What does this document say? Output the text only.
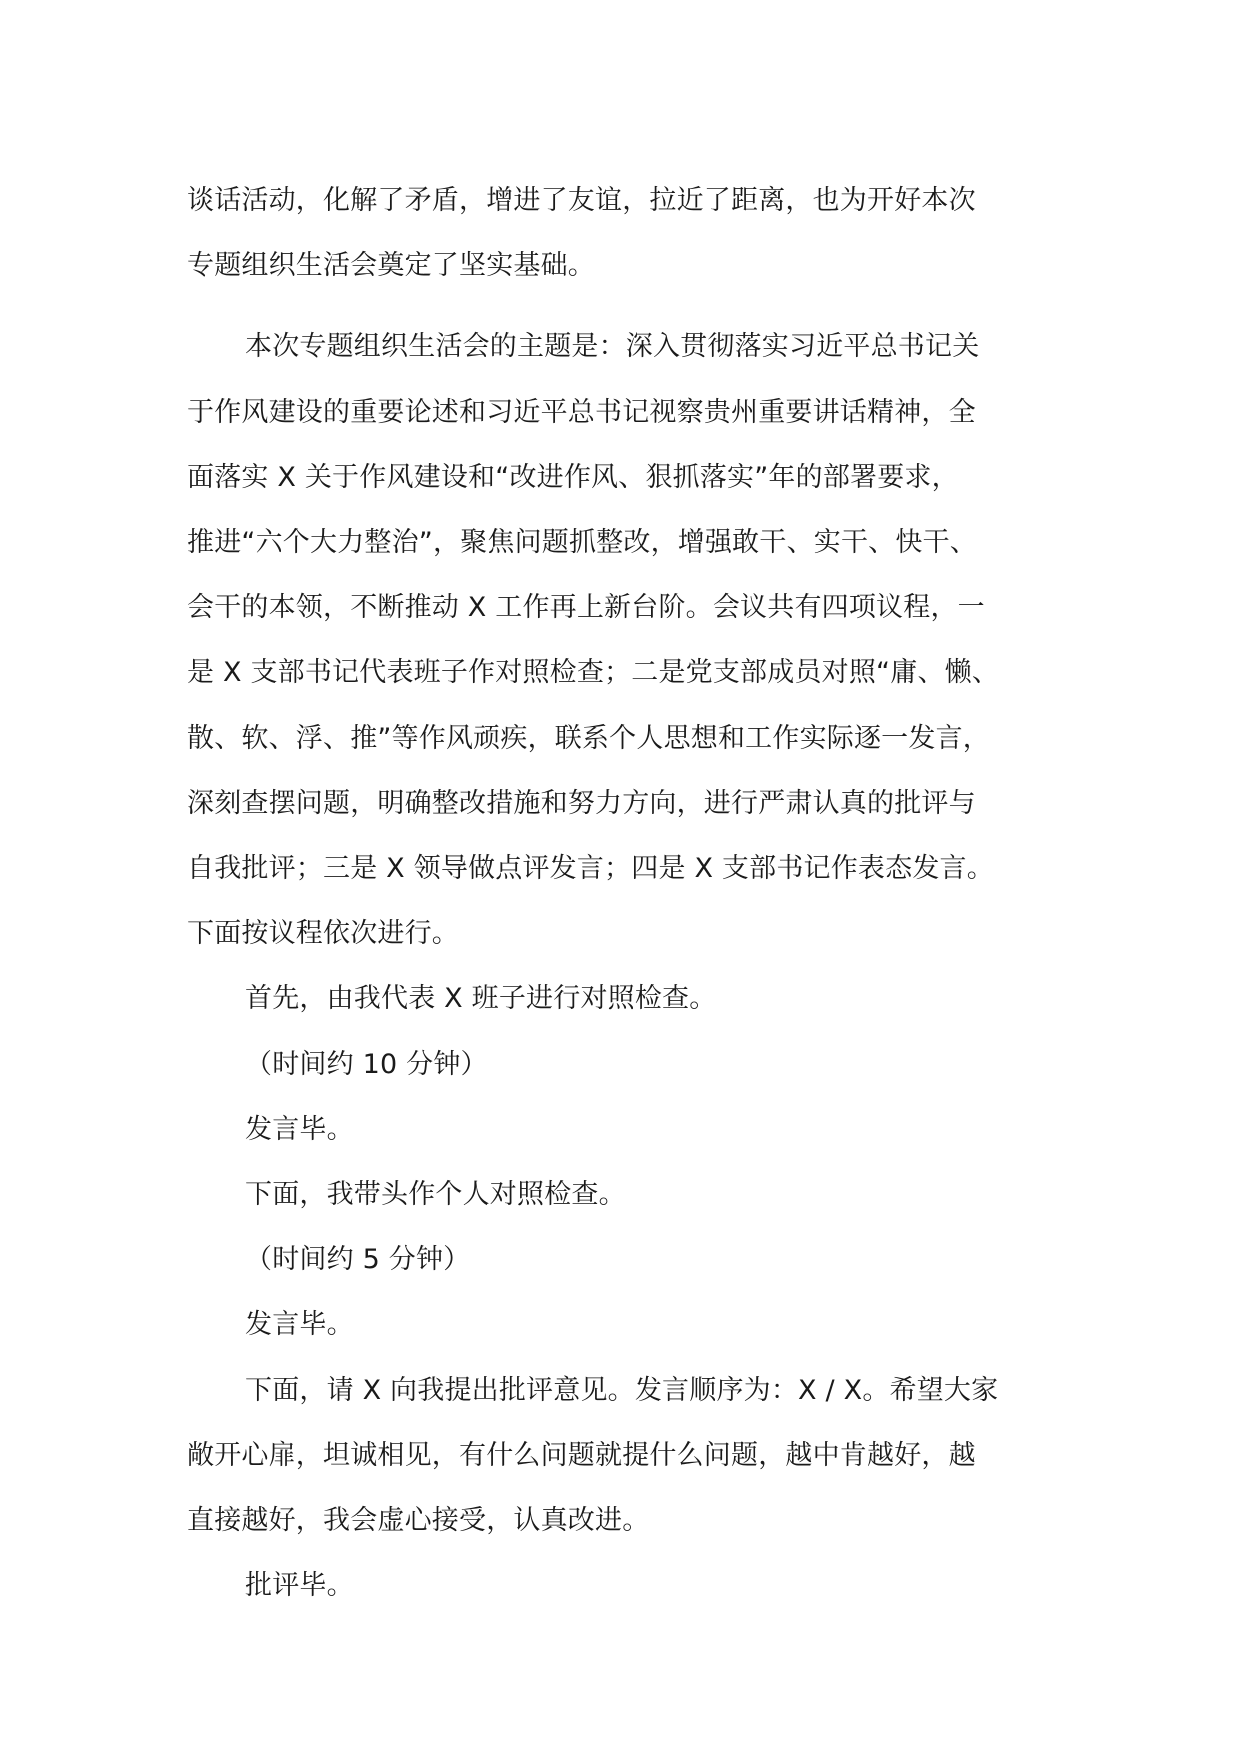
谈话活动，化解了矛盾，增进了友谊，拉近了距离，也为开好本次

专题组织生活会奠定了坚实基础。

本次专题组织生活会的主题是：深入贯彻落实习近平总书记关

于作风建设的重要论述和习近平总书记视察贵州重要讲话精神，全

面落实 X 关于作风建设和“改进作风、狠抓落实”年的部署要求，

推进“六个大力整治”，聚焦问题抓整改，增强敢干、实干、快干、

会干的本领，不断推动 X 工作再上新台阶。会议共有四项议程，一

是 X 支部书记代表班子作对照检查；二是党支部成员对照“庸、懒、

散、软、浮、推”等作风顽疾，联系个人思想和工作实际逐一发言，

深刻查摆问题，明确整改措施和努力方向，进行严肃认真的批评与

自我批评；三是 X 领导做点评发言；四是 X 支部书记作表态发言。

下面按议程依次进行。

首先，由我代表 X 班子进行对照检查。

（时间约 10 分钟）

发言毕。

下面，我带头作个人对照检查。

（时间约 5 分钟）

发言毕。

下面，请 X 向我提出批评意见。发言顺序为：X / X。希望大家

敞开心扉，坦诚相见，有什么问题就提什么问题，越中肯越好，越

直接越好，我会虚心接受，认真改进。

批评毕。
